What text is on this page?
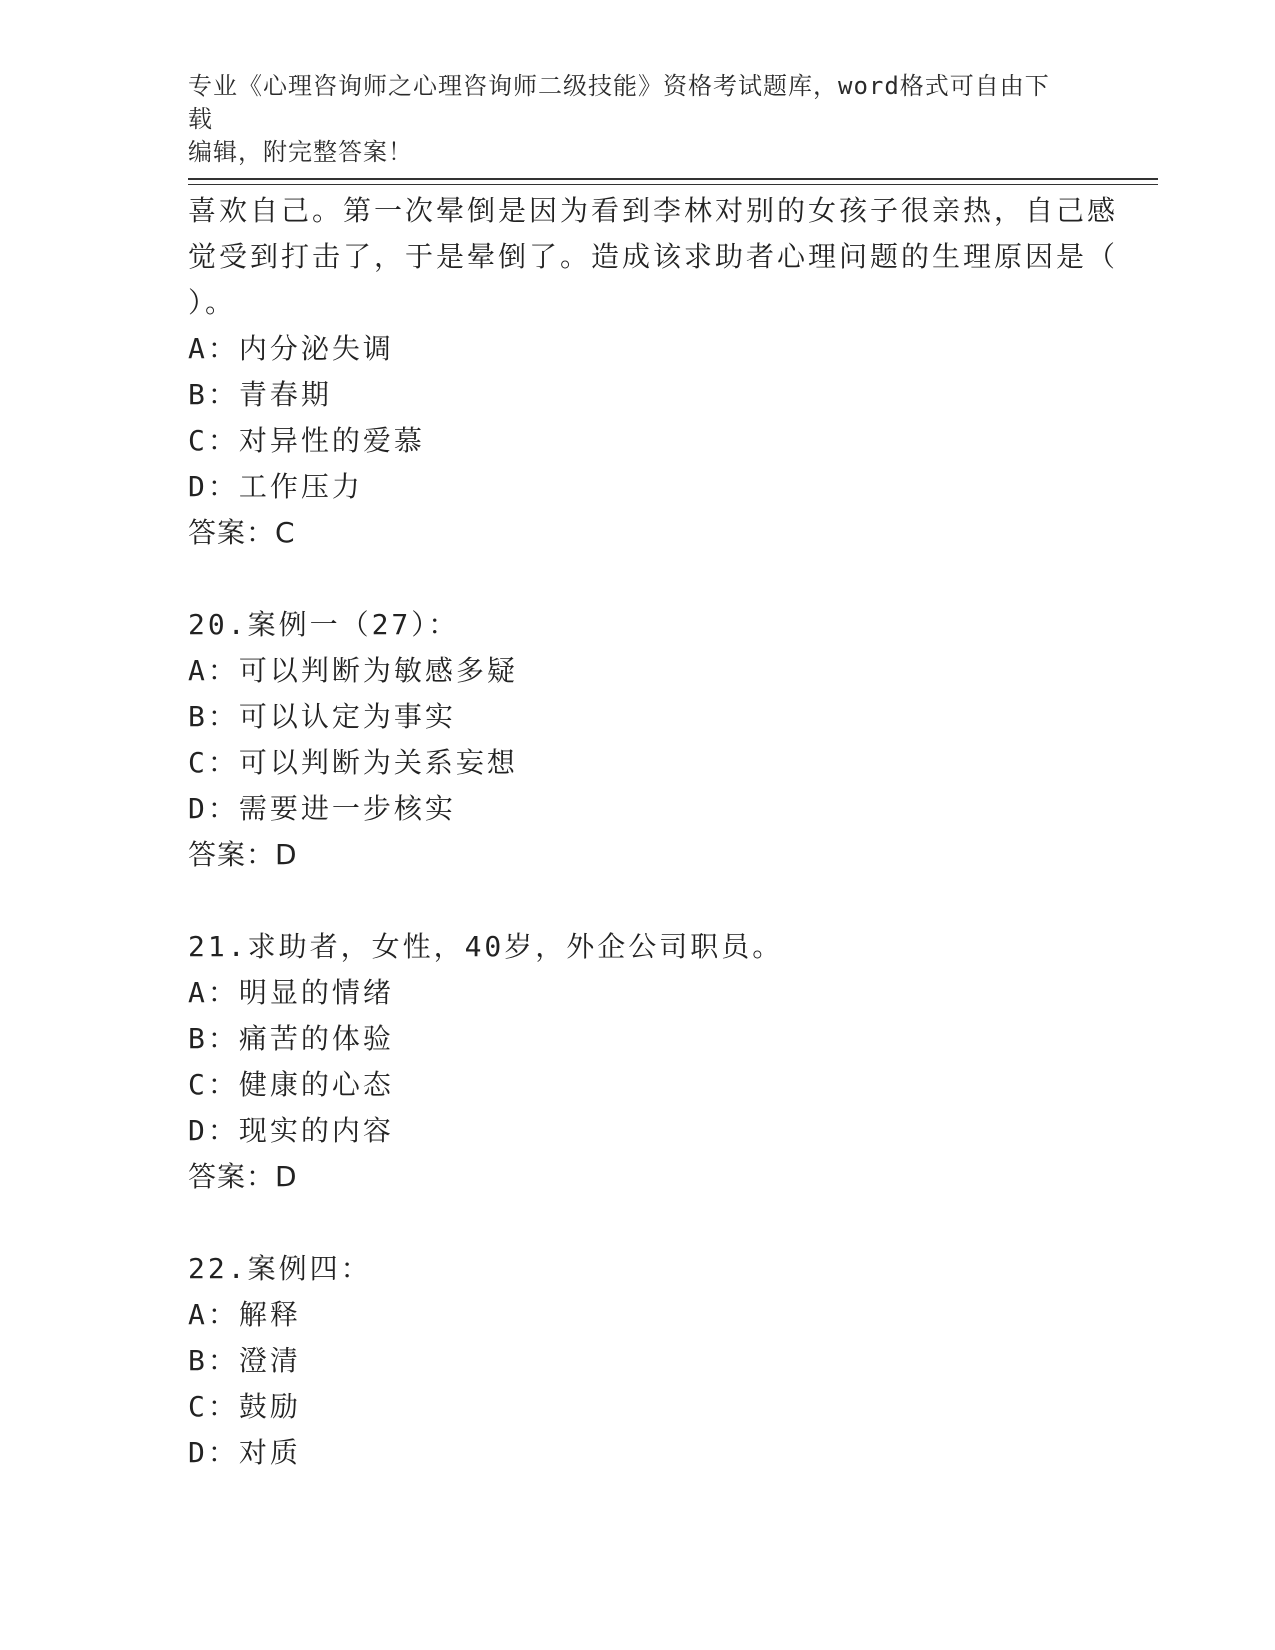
专业《心理咨询师之心理咨询师二级技能》资格考试题库，word格式可自由下载
编辑，附完整答案！
喜欢自己。第一次晕倒是因为看到李林对别的女孩子很亲热，自己感
觉受到打击了，于是晕倒了。造成该求助者心理问题的生理原因是（
）。
A：内分泌失调
B：青春期
C：对异性的爱慕
D：工作压力
答案：C
20.案例一（27）：
A：可以判断为敏感多疑
B：可以认定为事实
C：可以判断为关系妄想
D：需要进一步核实
答案：D
21.求助者，女性，40岁，外企公司职员。
A：明显的情绪
B：痛苦的体验
C：健康的心态
D：现实的内容
答案：D
22.案例四：
A：解释
B：澄清
C：鼓励
D：对质
